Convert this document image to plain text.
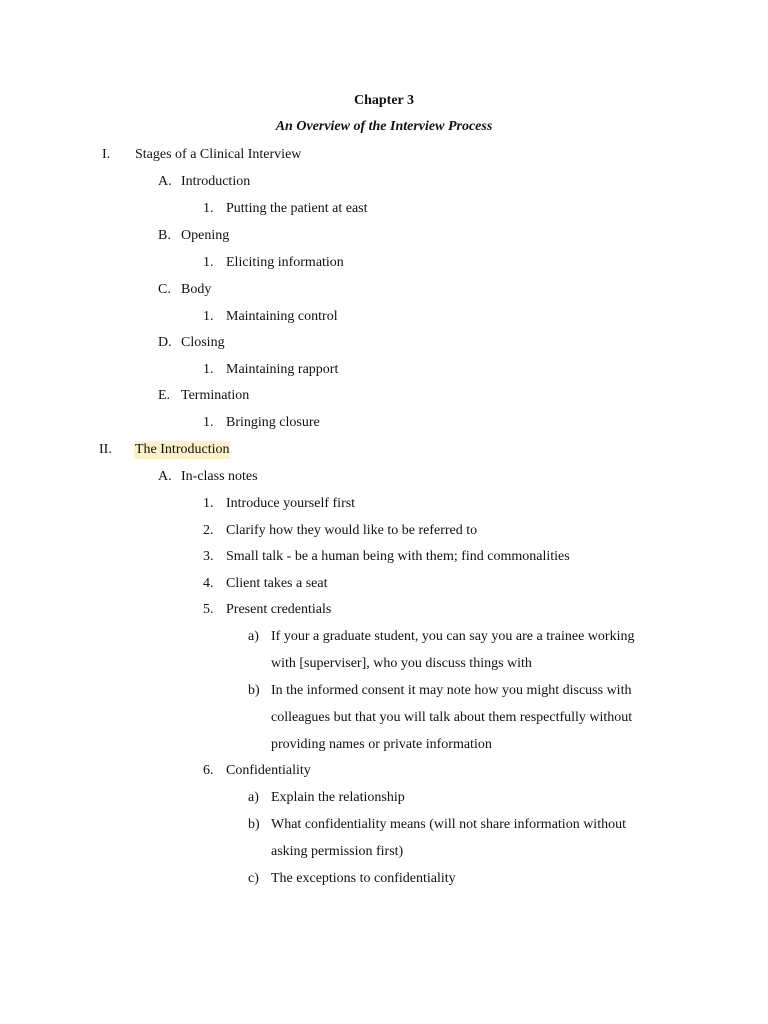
Chapter 3
An Overview of the Interview Process
I. Stages of a Clinical Interview
A. Introduction
1. Putting the patient at east
B. Opening
1. Eliciting information
C. Body
1. Maintaining control
D. Closing
1. Maintaining rapport
E. Termination
1. Bringing closure
II. The Introduction
A. In-class notes
1. Introduce yourself first
2. Clarify how they would like to be referred to
3. Small talk - be a human being with them; find commonalities
4. Client takes a seat
5. Present credentials
a) If your a graduate student, you can say you are a trainee working
with [superviser], who you discuss things with
b) In the informed consent it may note how you might discuss with
colleagues but that you will talk about them respectfully without
providing names or private information
6. Confidentiality
a) Explain the relationship
b) What confidentiality means (will not share information without
asking permission first)
c) The exceptions to confidentiality
